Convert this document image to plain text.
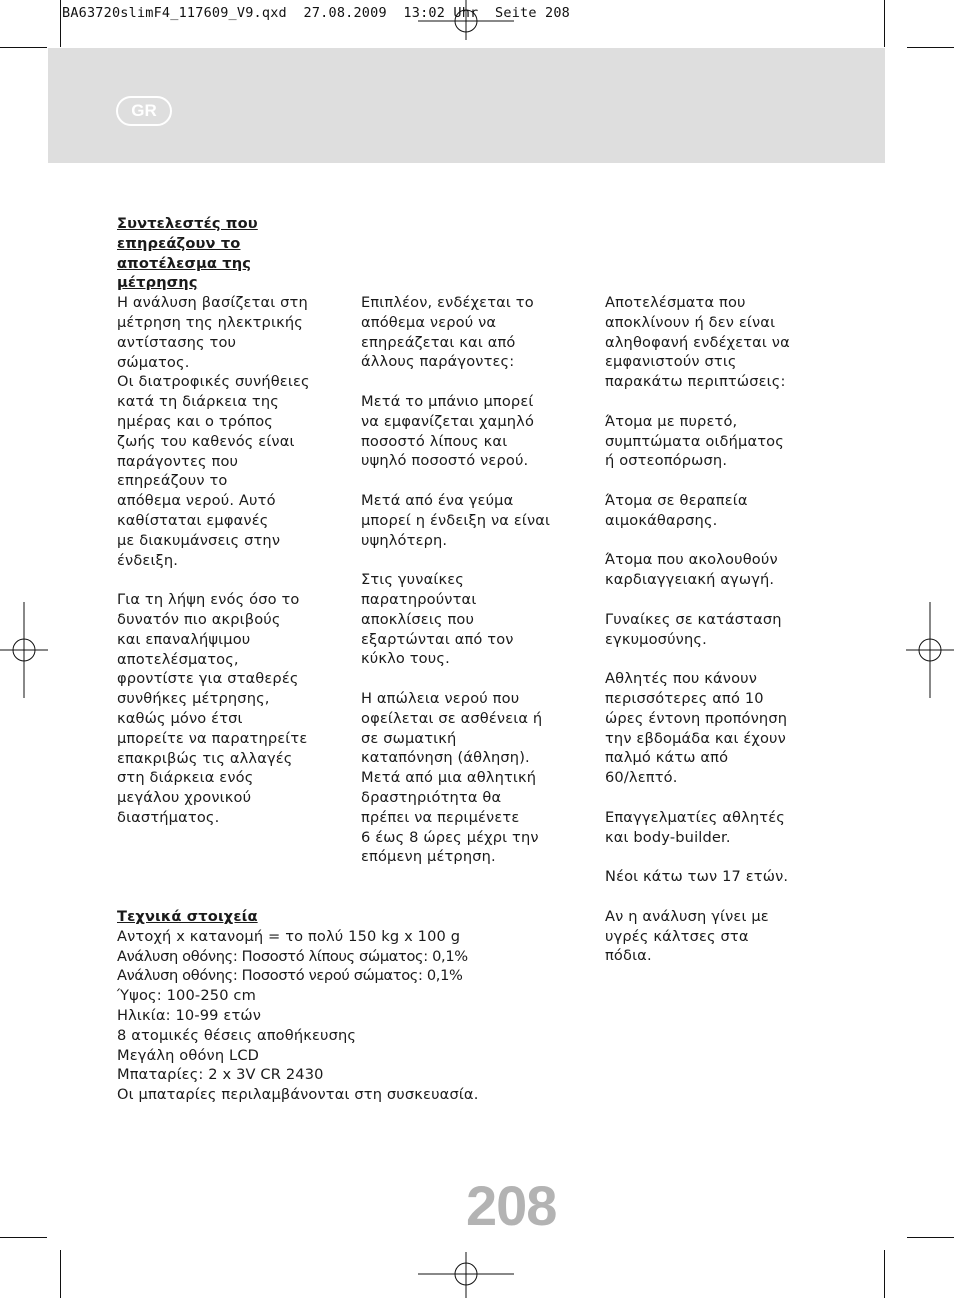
BA63720slimF4_117609_V9.qxd  27.08.2009  13:02 Uhr  Seite 208
GR
Συντελεστές που
επηρεάζουν το
αποτέλεσμα της
μέτρησης

Η ανάλυση βασίζεται στη

μέτρηση της ηλεκτρικής

αντίστασης του

σώματος.

Οι διατροφικές συνήθειες

κατά τη διάρκεια της

ημέρας και ο τρόπος

ζωής του καθενός είναι

παράγοντες που

επηρεάζουν το

απόθεμα νερού. Αυτό

καθίσταται εμφανές

με διακυμάνσεις στην

ένδειξη.

Για τη λήψη ενός όσο το

δυνατόν πιο ακριβούς

και επαναλήψιμου

αποτελέσματος,

φροντίστε για σταθερές

συνθήκες μέτρησης,

καθώς μόνο έτσι

μπορείτε να παρατηρείτε

επακριβώς τις αλλαγές

στη διάρκεια ενός

μεγάλου χρονικού

διαστήματος.

Επιπλέον, ενδέχεται το

απόθεμα νερού να

επηρεάζεται και από

άλλους παράγοντες:

Μετά το μπάνιο μπορεί

να εμφανίζεται χαμηλό

ποσοστό λίπους και

υψηλό ποσοστό νερού.

Μετά από ένα γεύμα

μπορεί η ένδειξη να είναι

υψηλότερη.

Στις γυναίκες

παρατηρούνται

αποκλίσεις που

εξαρτώνται από τον

κύκλο τους.

Η απώλεια νερού που

οφείλεται σε ασθένεια ή

σε σωματική

καταπόνηση (άθληση).

Μετά από μια αθλητική

δραστηριότητα θα

πρέπει να περιμένετε

6 έως 8 ώρες μέχρι την

επόμενη μέτρηση.

Αποτελέσματα που

αποκλίνουν ή δεν είναι

αληθοφανή ενδέχεται να

εμφανιστούν στις

παρακάτω περιπτώσεις:

Άτομα με πυρετό,

συμπτώματα οιδήματος

ή οστεοπόρωση.

Άτομα σε θεραπεία

αιμοκάθαρσης.

Άτομα που ακολουθούν

καρδιαγγειακή αγωγή.

Γυναίκες σε κατάσταση

εγκυμοσύνης.

Αθλητές που κάνουν

περισσότερες από 10

ώρες έντονη προπόνηση

την εβδομάδα και έχουν

παλμό κάτω από

60/λεπτό.

Επαγγελματίες αθλητές

και body-builder.

Νέοι κάτω των 17 ετών.

Αν η ανάλυση γίνει με

υγρές κάλτσες στα

πόδια.

Τεχνικά στοιχεία

Αντοχή x κατανομή = το πολύ 150 kg x 100 g

Ανάλυση οθόνης: Ποσοστό λίπους σώματος: 0,1%

Ανάλυση οθόνης: Ποσοστό νερού σώματος: 0,1%

Ύψος: 100-250 cm

Ηλικία: 10-99 ετών

8 ατομικές θέσεις αποθήκευσης

Μεγάλη οθόνη LCD

Μπαταρίες: 2 x 3V CR 2430

Οι μπαταρίες περιλαμβάνονται στη συσκευασία.

208
